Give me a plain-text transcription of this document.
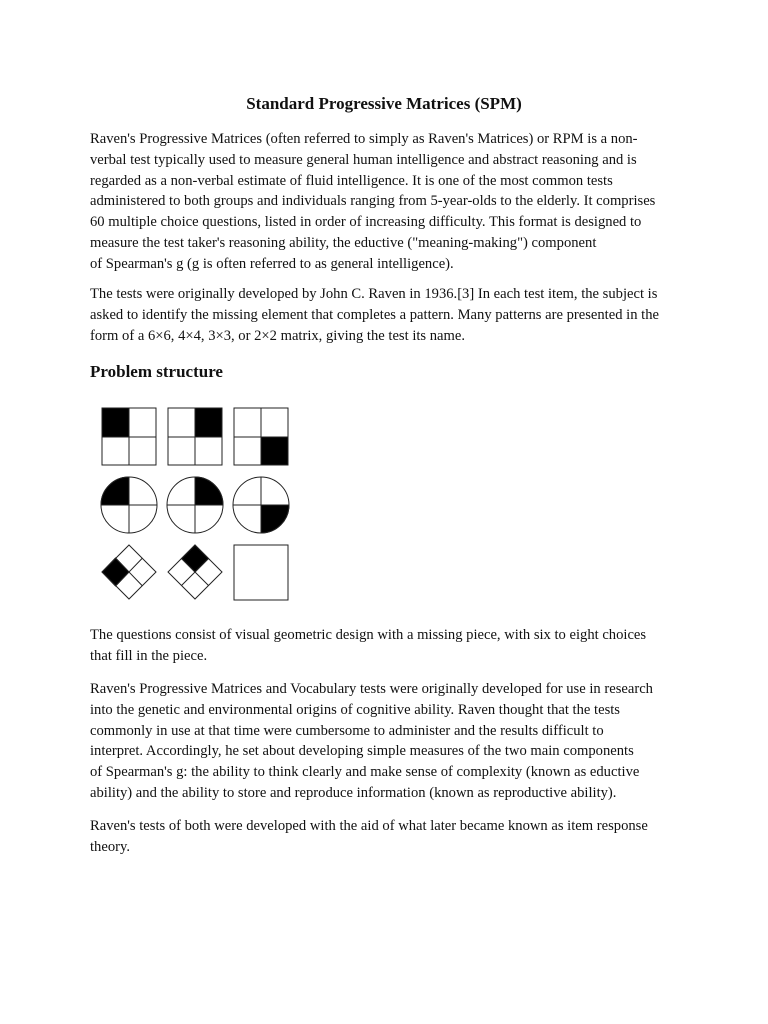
Standard Progressive Matrices (SPM)

Raven's Progressive Matrices (often referred to simply as Raven's Matrices) or RPM is a non-
verbal test typically used to measure general human intelligence and abstract reasoning and is
regarded as a non-verbal estimate of fluid intelligence. It is one of the most common tests
administered to both groups and individuals ranging from 5-year-olds to the elderly. It comprises
60 multiple choice questions, listed in order of increasing difficulty. This format is designed to
measure the test taker's reasoning ability, the eductive ("meaning-making") component
of Spearman's g (g is often referred to as general intelligence).

The tests were originally developed by John C. Raven in 1936.[3] In each test item, the subject is
asked to identify the missing element that completes a pattern. Many patterns are presented in the
form of a 6×6, 4×4, 3×3, or 2×2 matrix, giving the test its name.

Problem structure

The questions consist of visual geometric design with a missing piece, with six to eight choices
that fill in the piece.

Raven's Progressive Matrices and Vocabulary tests were originally developed for use in research
into the genetic and environmental origins of cognitive ability. Raven thought that the tests
commonly in use at that time were cumbersome to administer and the results difficult to
interpret. Accordingly, he set about developing simple measures of the two main components
of Spearman's g: the ability to think clearly and make sense of complexity (known as eductive
ability) and the ability to store and reproduce information (known as reproductive ability).

Raven's tests of both were developed with the aid of what later became known as item response
theory.
